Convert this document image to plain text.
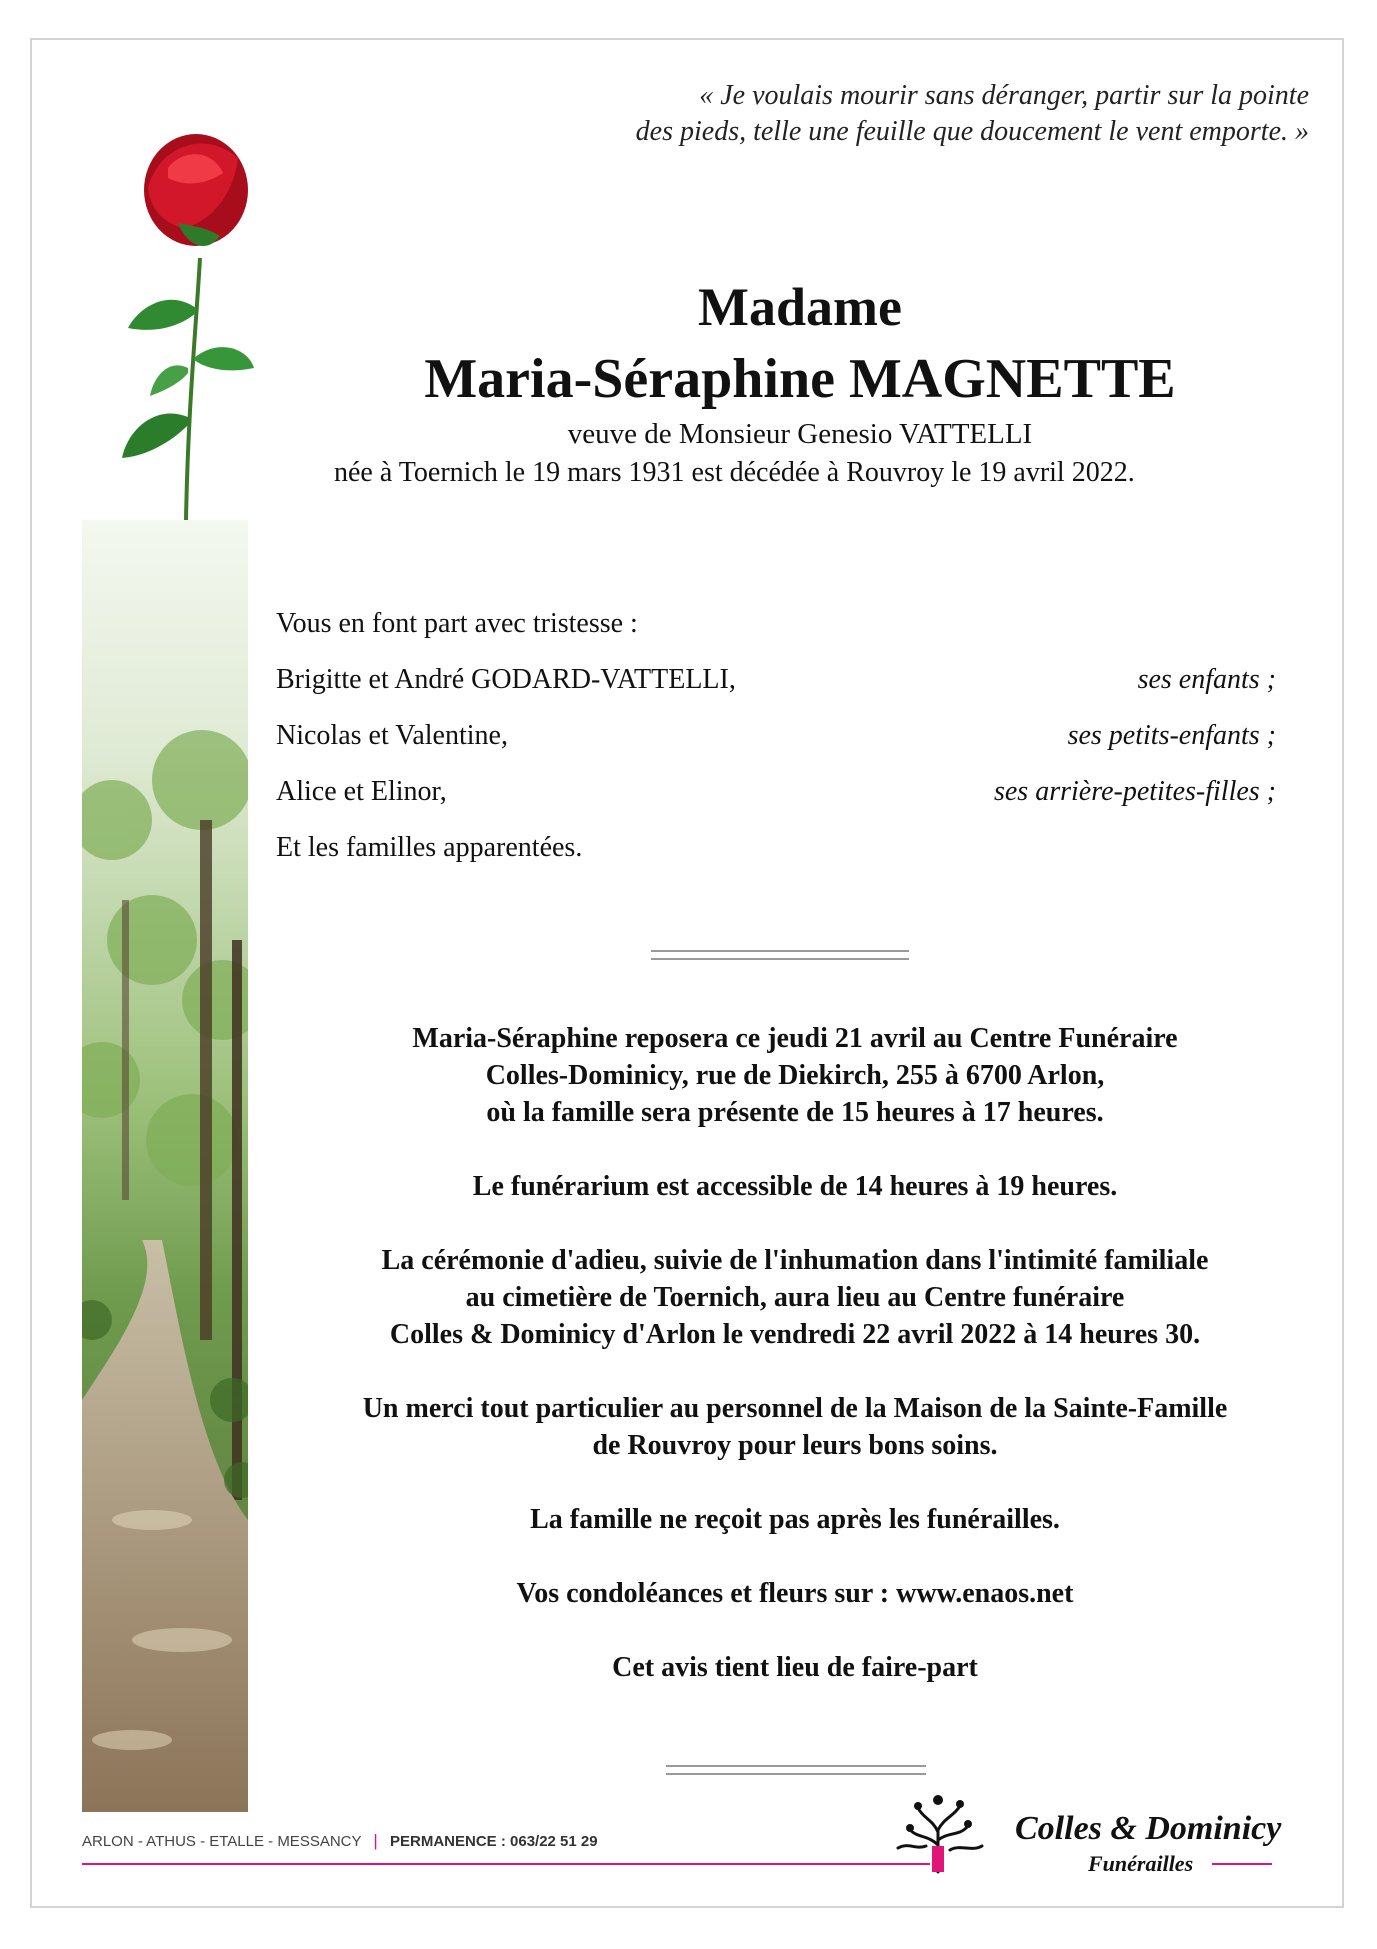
« Je voulais mourir sans déranger, partir sur la pointe
des pieds, telle une feuille que doucement le vent emporte. »
Madame
Maria-Séraphine MAGNETTE
veuve de Monsieur Genesio VATTELLI
née à Toernich le 19 mars 1931 est décédée à Rouvroy le 19 avril 2022.
Vous en font part avec tristesse :
Brigitte et André GODARD-VATTELLI,	ses enfants ;
Nicolas et Valentine,	ses petits-enfants ;
Alice et Elinor,	ses arrière-petites-filles ;
Et les familles apparentées.
Maria-Séraphine reposera ce jeudi 21 avril au Centre Funéraire
Colles-Dominicy, rue de Diekirch, 255 à 6700 Arlon,
où la famille sera présente de 15 heures à 17 heures.
Le funérarium est accessible de 14 heures à 19 heures.
La cérémonie d'adieu, suivie de l'inhumation dans l'intimité familiale
au cimetière de Toernich, aura lieu au Centre funéraire
Colles & Dominicy d'Arlon le vendredi 22 avril 2022 à 14 heures 30.
Un merci tout particulier au personnel de la Maison de la Sainte-Famille
de Rouvroy pour leurs bons soins.
La famille ne reçoit pas après les funérailles.
Vos condoléances et fleurs sur : www.enaos.net
Cet avis tient lieu de faire-part
ARLON - ATHUS - ETALLE - MESSANCY | PERMANENCE : 063/22 51 29	Colles & Dominicy
Funérailles
